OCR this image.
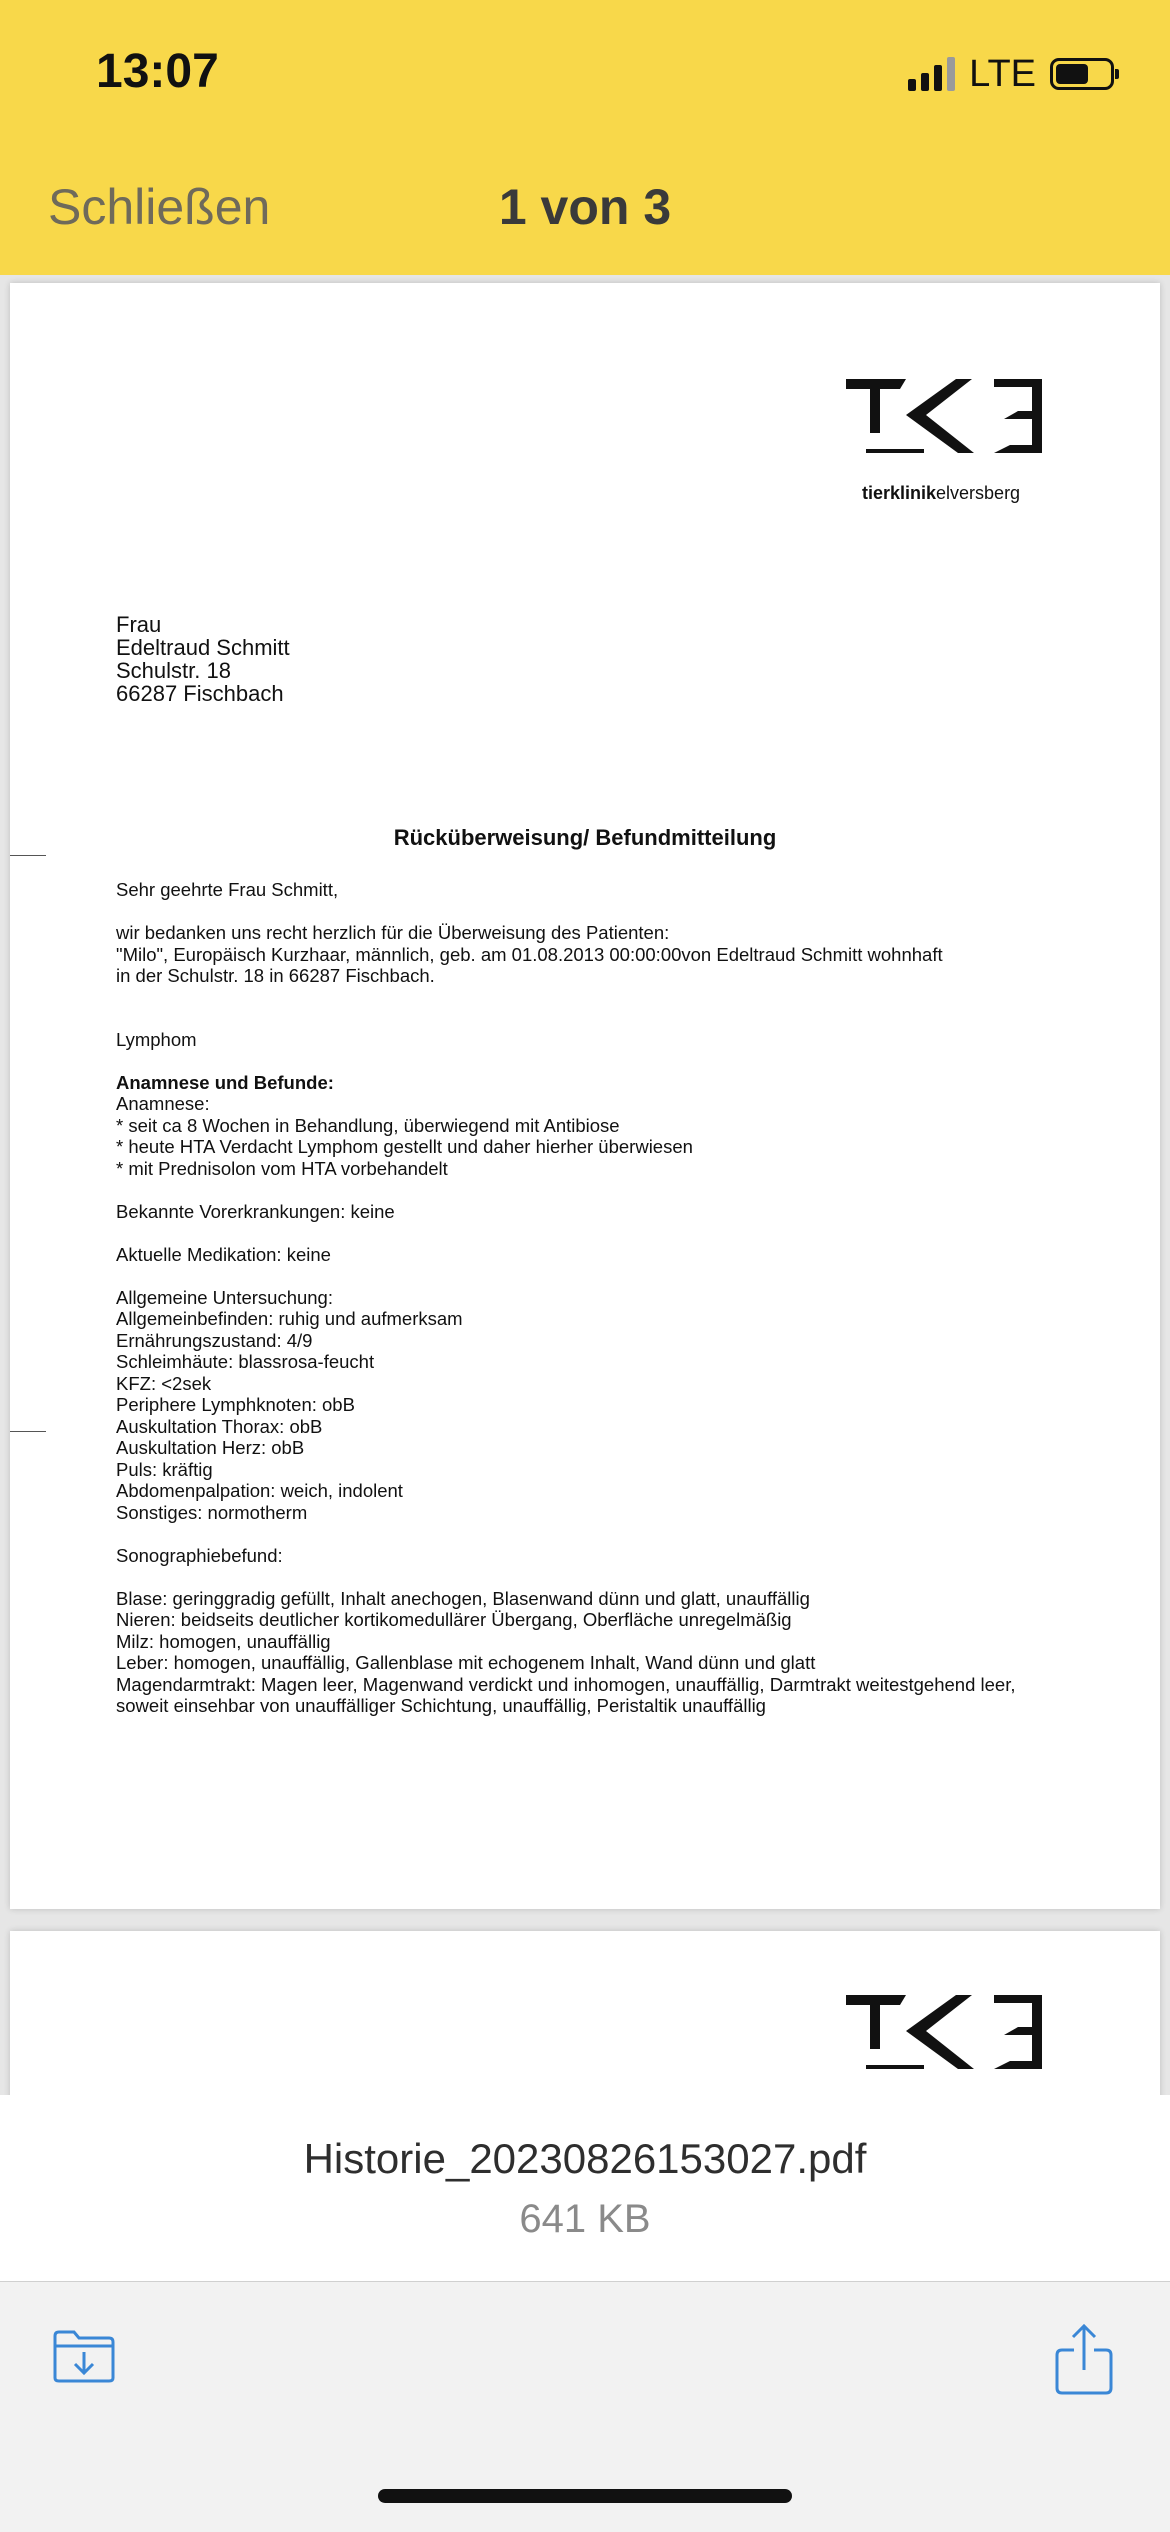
13:07	LTE
Schließen	1 von 3
tierklinikelversberg
Frau
Edeltraud Schmitt
Schulstr. 18
66287 Fischbach
Rücküberweisung/ Befundmitteilung
Sehr geehrte Frau Schmitt,
wir bedanken uns recht herzlich für die Überweisung des Patienten:
"Milo", Europäisch Kurzhaar, männlich, geb. am 01.08.2013 00:00:00von Edeltraud Schmitt wohnhaft
in der Schulstr. 18 in 66287 Fischbach.
Lymphom
Anamnese und Befunde:
Anamnese:
* seit ca 8 Wochen in Behandlung, überwiegend mit Antibiose
* heute HTA Verdacht Lymphom gestellt und daher hierher überwiesen
* mit Prednisolon vom HTA vorbehandelt
Bekannte Vorerkrankungen: keine
Aktuelle Medikation: keine
Allgemeine Untersuchung:
Allgemeinbefinden: ruhig und aufmerksam
Ernährungszustand: 4/9
Schleimhäute: blassrosa-feucht
KFZ: <2sek
Periphere Lymphknoten: obB
Auskultation Thorax: obB
Auskultation Herz: obB
Puls: kräftig
Abdomenpalpation: weich, indolent
Sonstiges: normotherm
Sonographiebefund:
Blase: geringgradig gefüllt, Inhalt anechogen, Blasenwand dünn und glatt, unauffällig
Nieren: beidseits deutlicher kortikomedullärer Übergang, Oberfläche unregelmäßig
Milz: homogen, unauffällig
Leber: homogen, unauffällig, Gallenblase mit echogenem Inhalt, Wand dünn und glatt
Magendarmtrakt: Magen leer, Magenwand verdickt und inhomogen, unauffällig, Darmtrakt weitestgehend leer,
soweit einsehbar von unauffälliger Schichtung, unauffällig, Peristaltik unauffällig
Historie_20230826153027.pdf
641 KB
